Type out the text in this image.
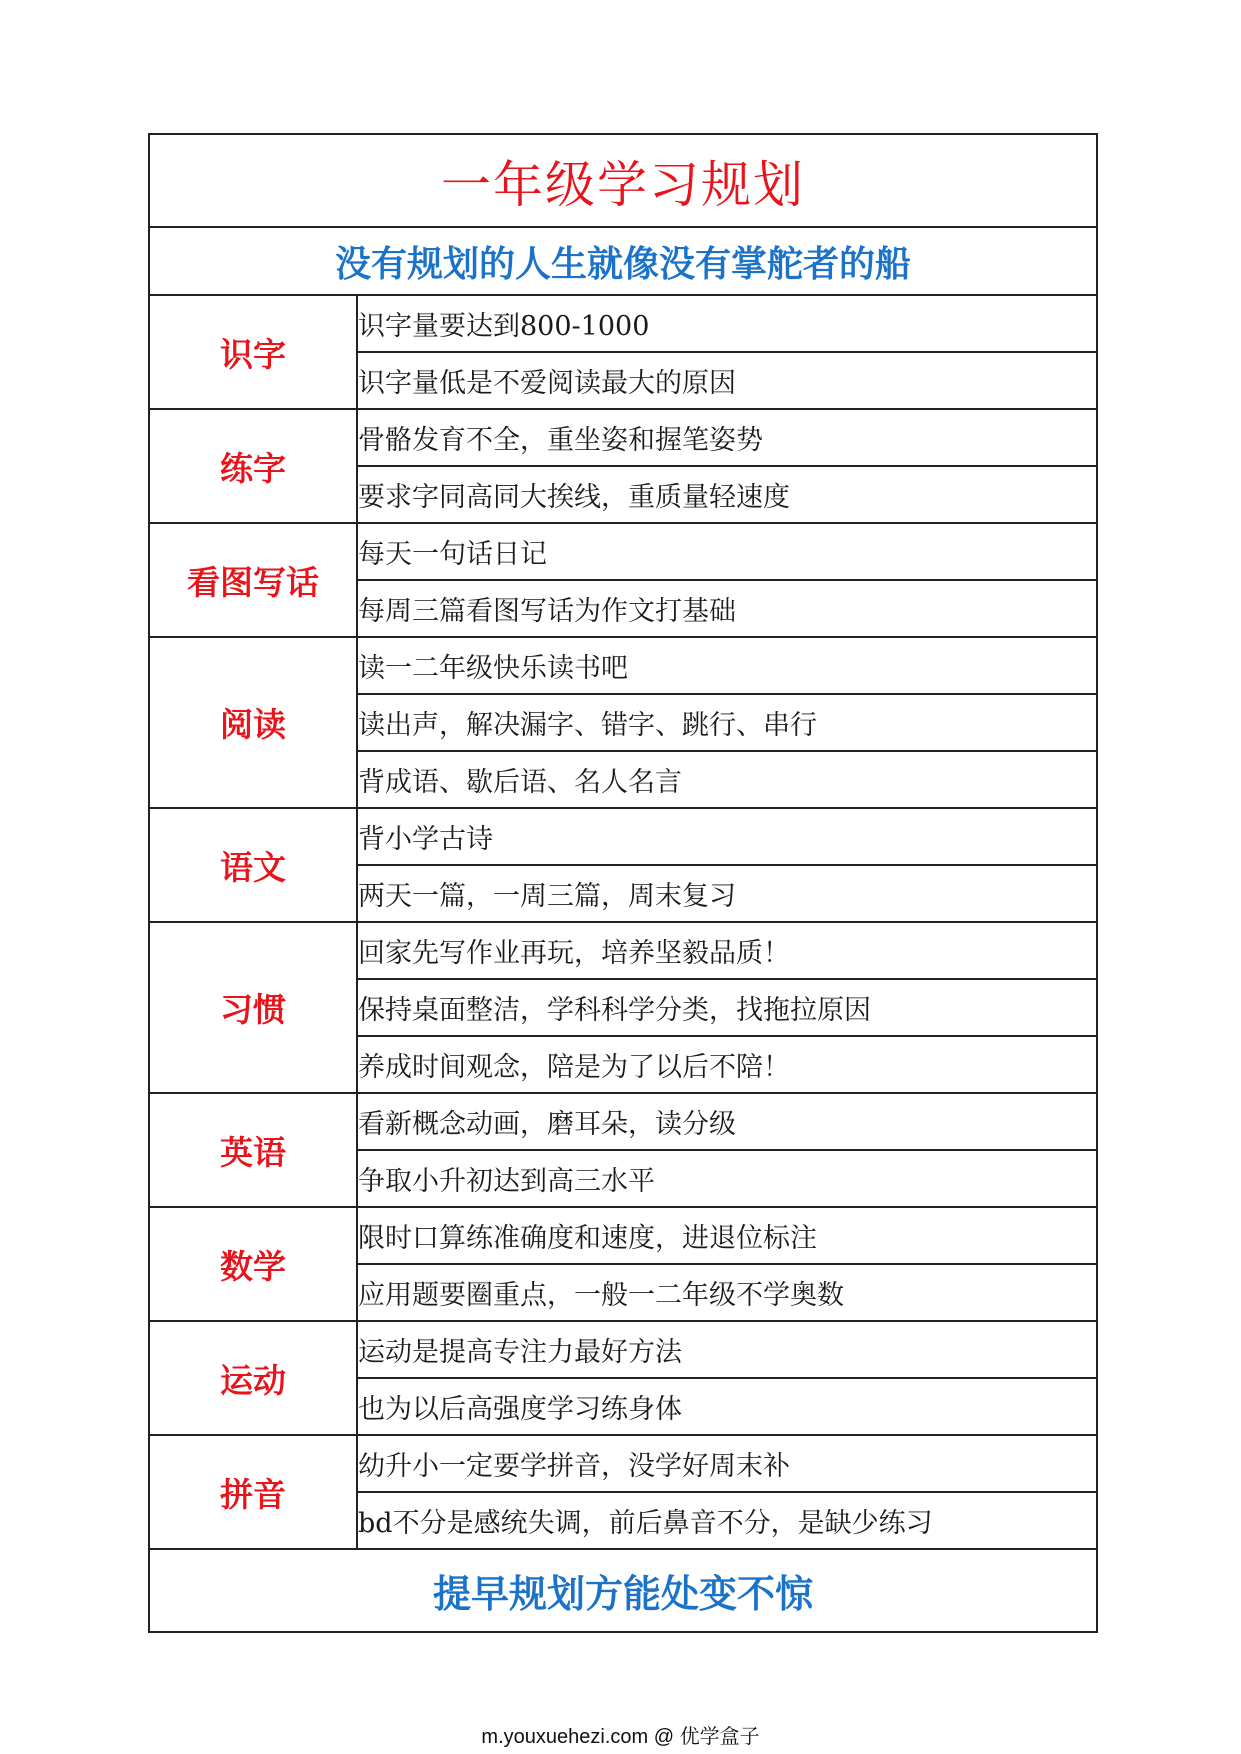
一年级学习规划	
没有规划的人生就像没有掌舵者的船	
识字	识字量要达到800-1000
	识字量低是不爱阅读最大的原因
练字	骨骼发育不全，重坐姿和握笔姿势
	要求字同高同大挨线，重质量轻速度
看图写话	每天一句话日记
	每周三篇看图写话为作文打基础
阅读	读一二年级快乐读书吧
	读出声，解决漏字、错字、跳行、串行
	背成语、歇后语、名人名言
语文	背小学古诗
	两天一篇，一周三篇，周末复习
习惯	回家先写作业再玩，培养坚毅品质！
	保持桌面整洁，学科科学分类，找拖拉原因
	养成时间观念，陪是为了以后不陪！
英语	看新概念动画，磨耳朵，读分级
	争取小升初达到高三水平
数学	限时口算练准确度和速度，进退位标注
	应用题要圈重点，一般一二年级不学奥数
运动	运动是提高专注力最好方法
	也为以后高强度学习练身体
拼音	幼升小一定要学拼音，没学好周末补
	bd不分是感统失调，前后鼻音不分，是缺少练习
提早规划方能处变不惊	
m.youxuehezi.com @ 优学盒子
